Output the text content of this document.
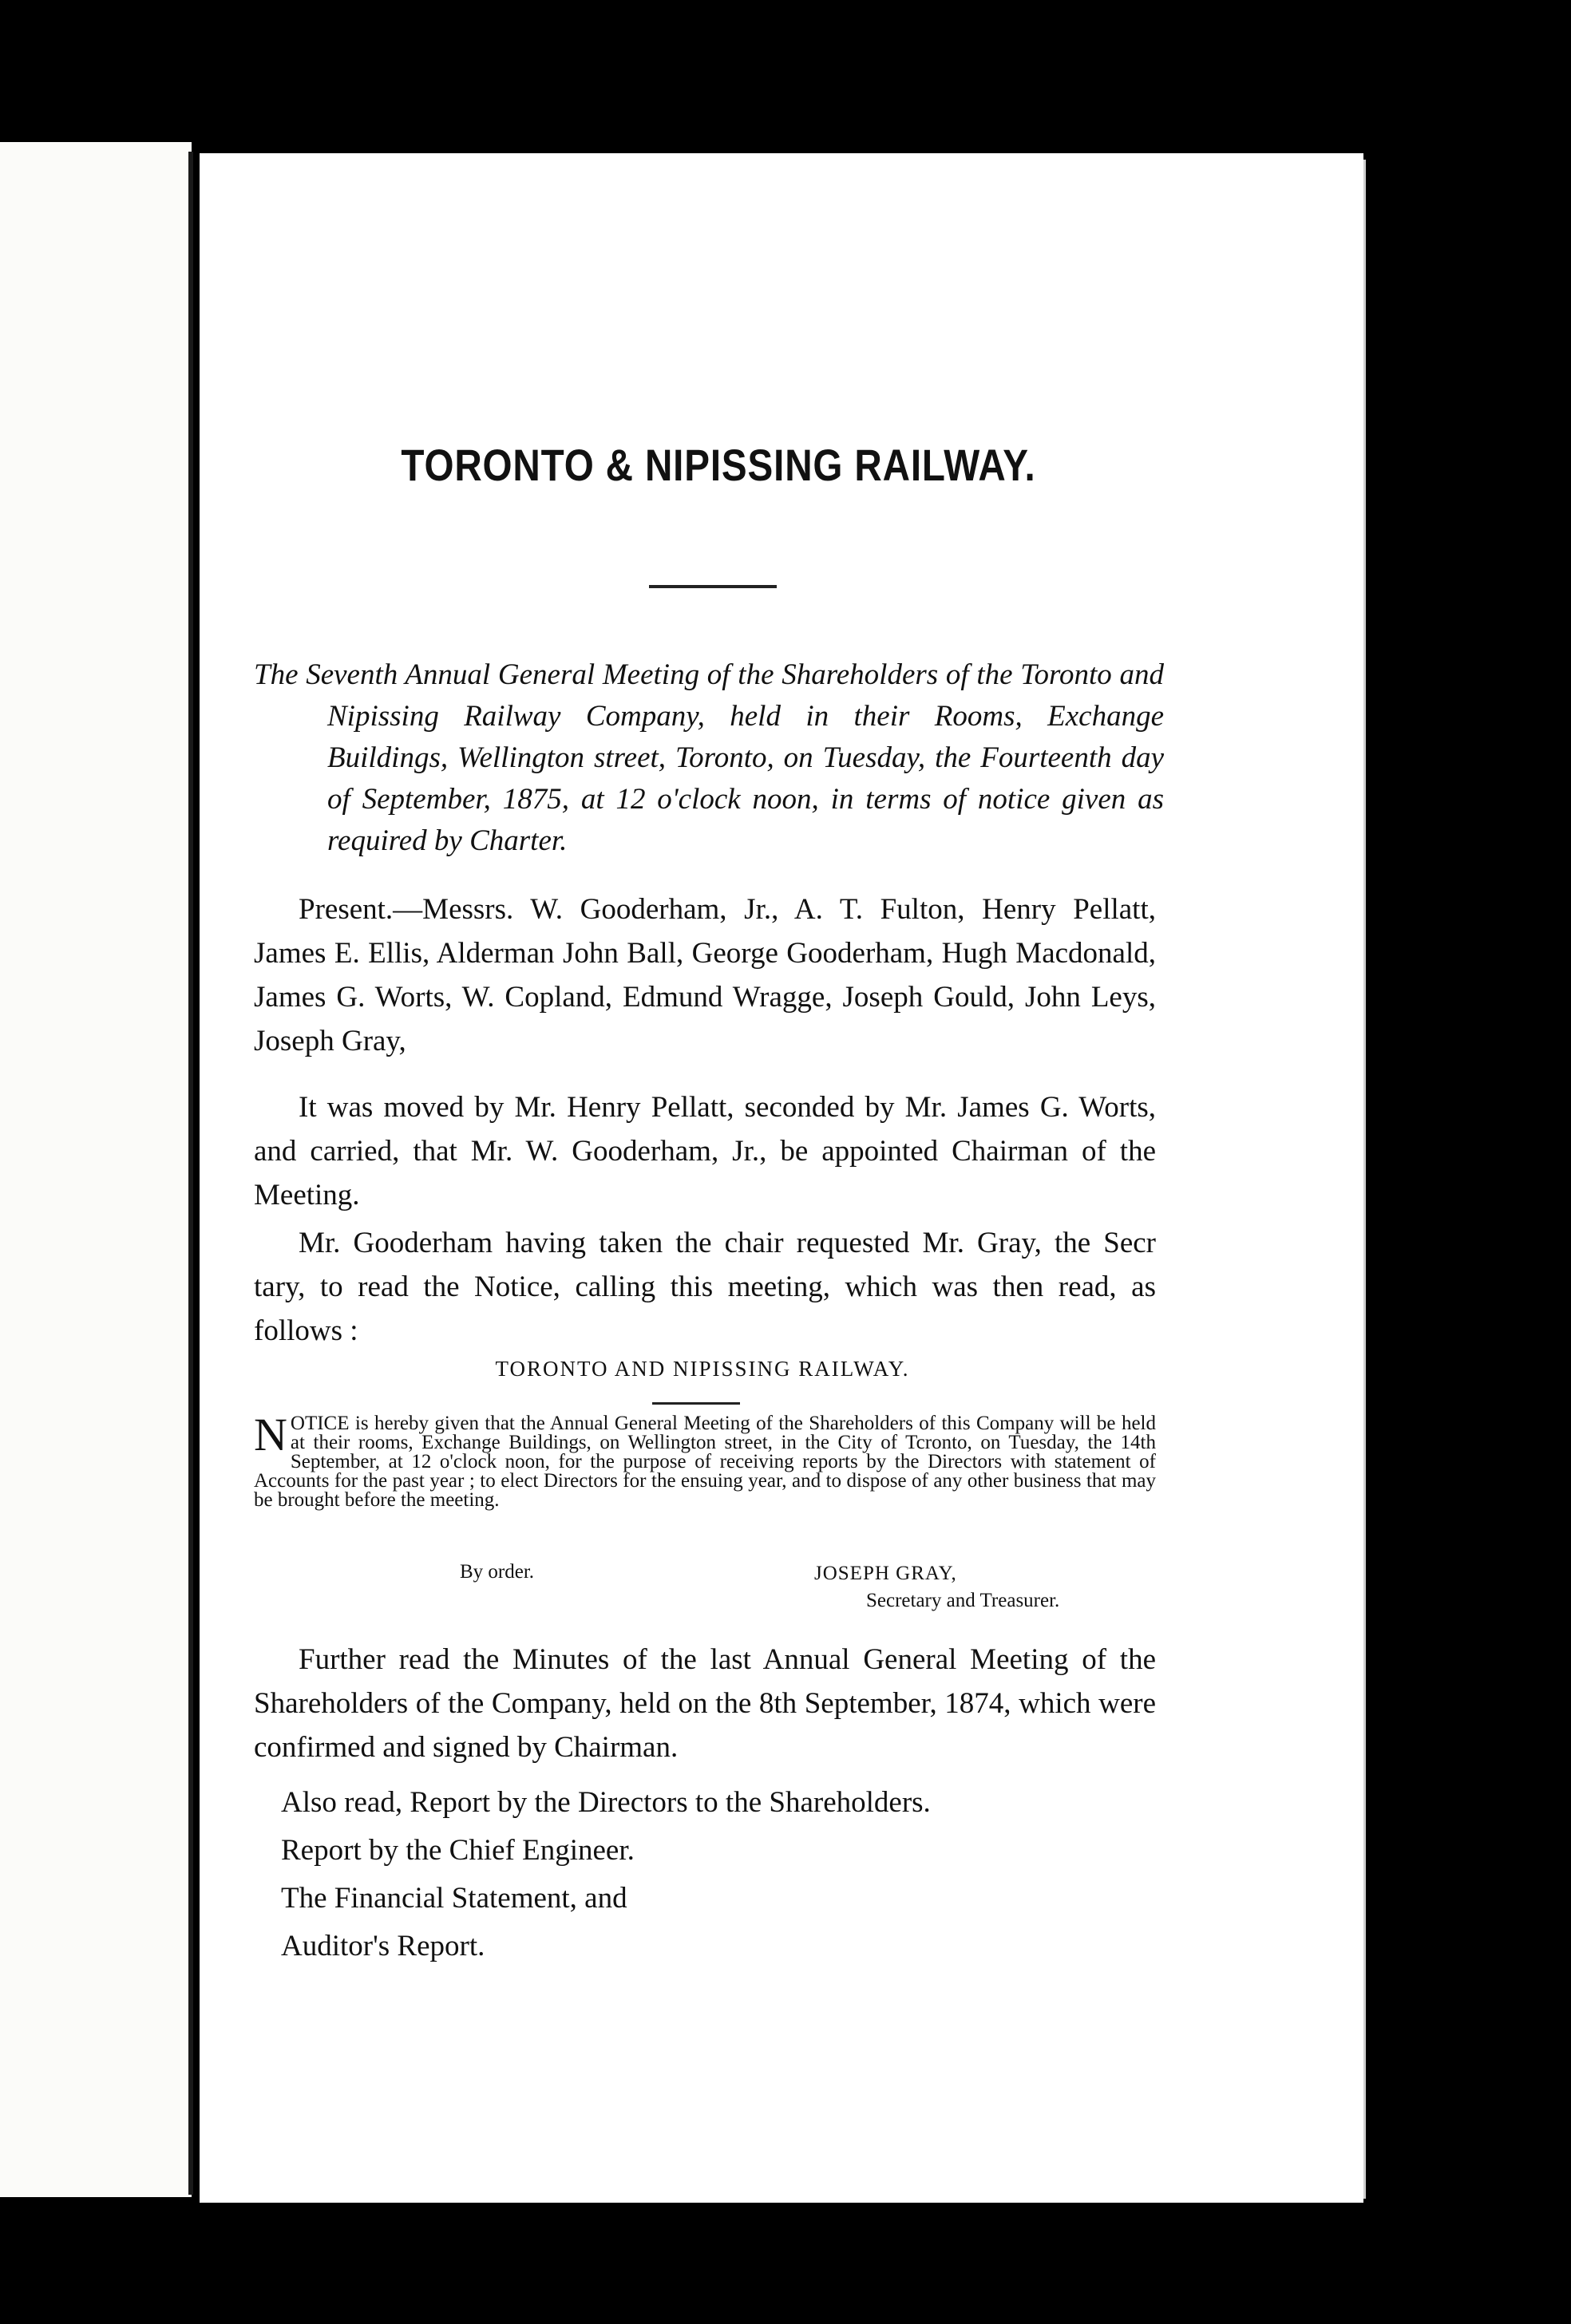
TORONTO & NIPISSING RAILWAY.
The Seventh Annual General Meeting of the Shareholders of the Toronto and Nipissing Railway Company, held in their Rooms, Exchange Buildings, Wellington street, Toronto, on Tuesday, the Fourteenth day of September, 1875, at 12 o'clock noon, in terms of notice given as required by Charter.
Present.—Messrs. W. Gooderham, Jr., A. T. Fulton, Henry Pellatt, James E. Ellis, Alderman John Ball, George Gooderham, Hugh Macdonald, James G. Worts, W. Copland, Edmund Wragge, Joseph Gould, John Leys, Joseph Gray,
It was moved by Mr. Henry Pellatt, seconded by Mr. James G. Worts, and carried, that Mr. W. Gooderham, Jr., be appointed Chairman of the Meeting.
Mr. Gooderham having taken the chair requested Mr. Gray, the Secr tary, to read the Notice, calling this meeting, which was then read, as follows :
TORONTO AND NIPISSING RAILWAY.
N OTICE is hereby given that the Annual General Meeting of the Shareholders of this Company will be held at their rooms, Exchange Buildings, on Wellington street, in the City of Tcronto, on Tuesday, the 14th September, at 12 o'clock noon, for the purpose of receiving reports by the Directors with statement of Accounts for the past year ; to elect Directors for the ensuing year, and to dispose of any other business that may be brought before the meeting.
By order.	JOSEPH GRAY,
Secretary and Treasurer.
Further read the Minutes of the last Annual General Meeting of the Shareholders of the Company, held on the 8th September, 1874, which were confirmed and signed by Chairman.
Also read, Report by the Directors to the Shareholders.
Report by the Chief Engineer.
The Financial Statement, and
Auditor's Report.
